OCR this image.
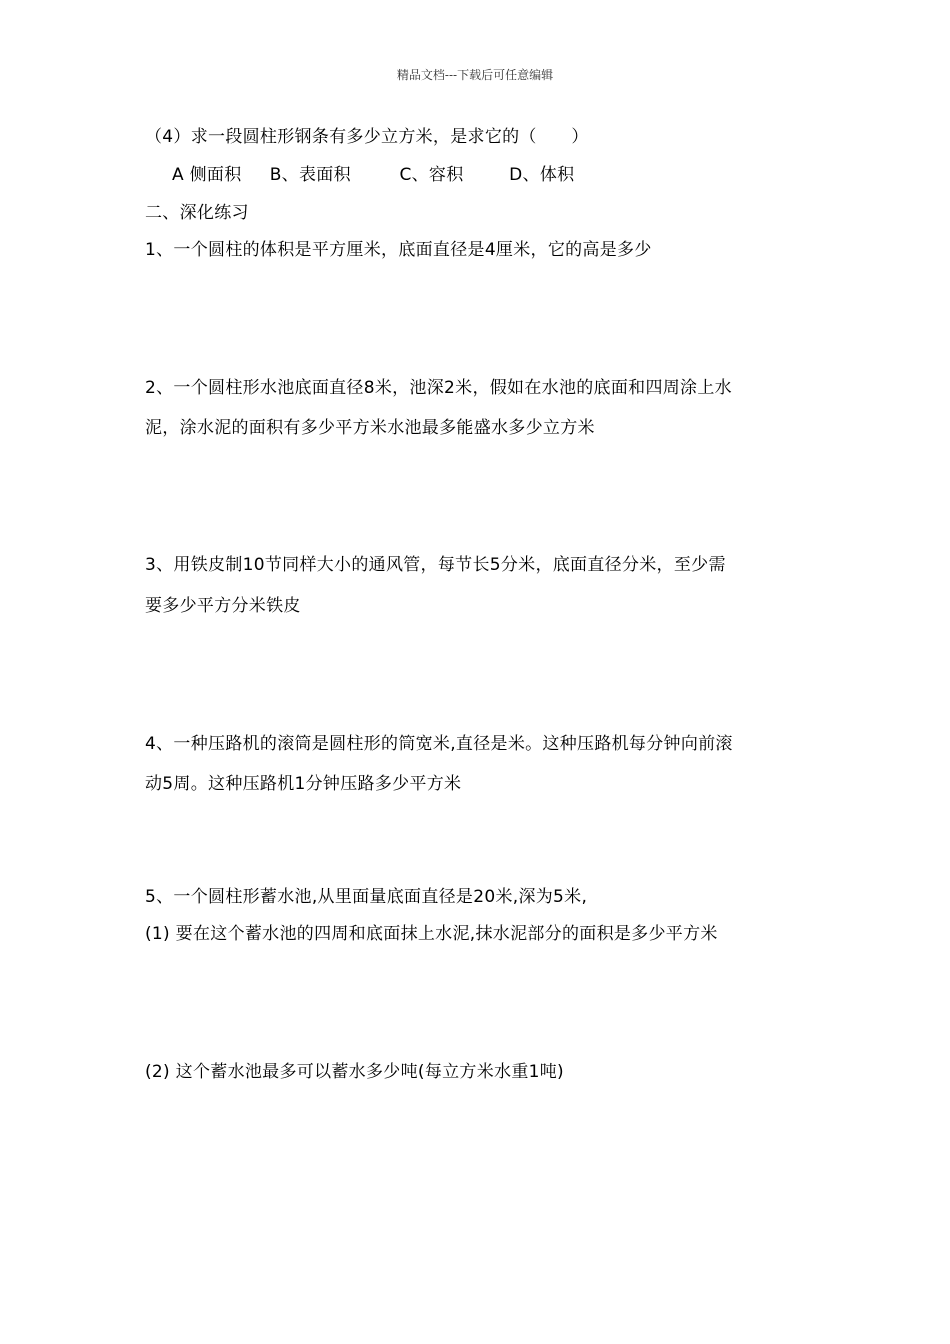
精品文档---下载后可任意编辑
（4）求一段圆柱形钢条有多少立方米，是求它的（　　）
A 侧面积 B、表面积	C、容积	D、体积
二、深化练习
1、一个圆柱的体积是平方厘米，底面直径是4厘米，它的高是多少
2、一个圆柱形水池底面直径8米，池深2米，假如在水池的底面和四周涂上水
泥，涂水泥的面积有多少平方米水池最多能盛水多少立方米
3、用铁皮制10节同样大小的通风管，每节长5分米，底面直径分米，至少需
要多少平方分米铁皮
4、一种压路机的滚筒是圆柱形的筒宽米,直径是米。这种压路机每分钟向前滚
动5周。这种压路机1分钟压路多少平方米
5、一个圆柱形蓄水池,从里面量底面直径是20米,深为5米,
(1) 要在这个蓄水池的四周和底面抹上水泥,抹水泥部分的面积是多少平方米
(2) 这个蓄水池最多可以蓄水多少吨(每立方米水重1吨)
